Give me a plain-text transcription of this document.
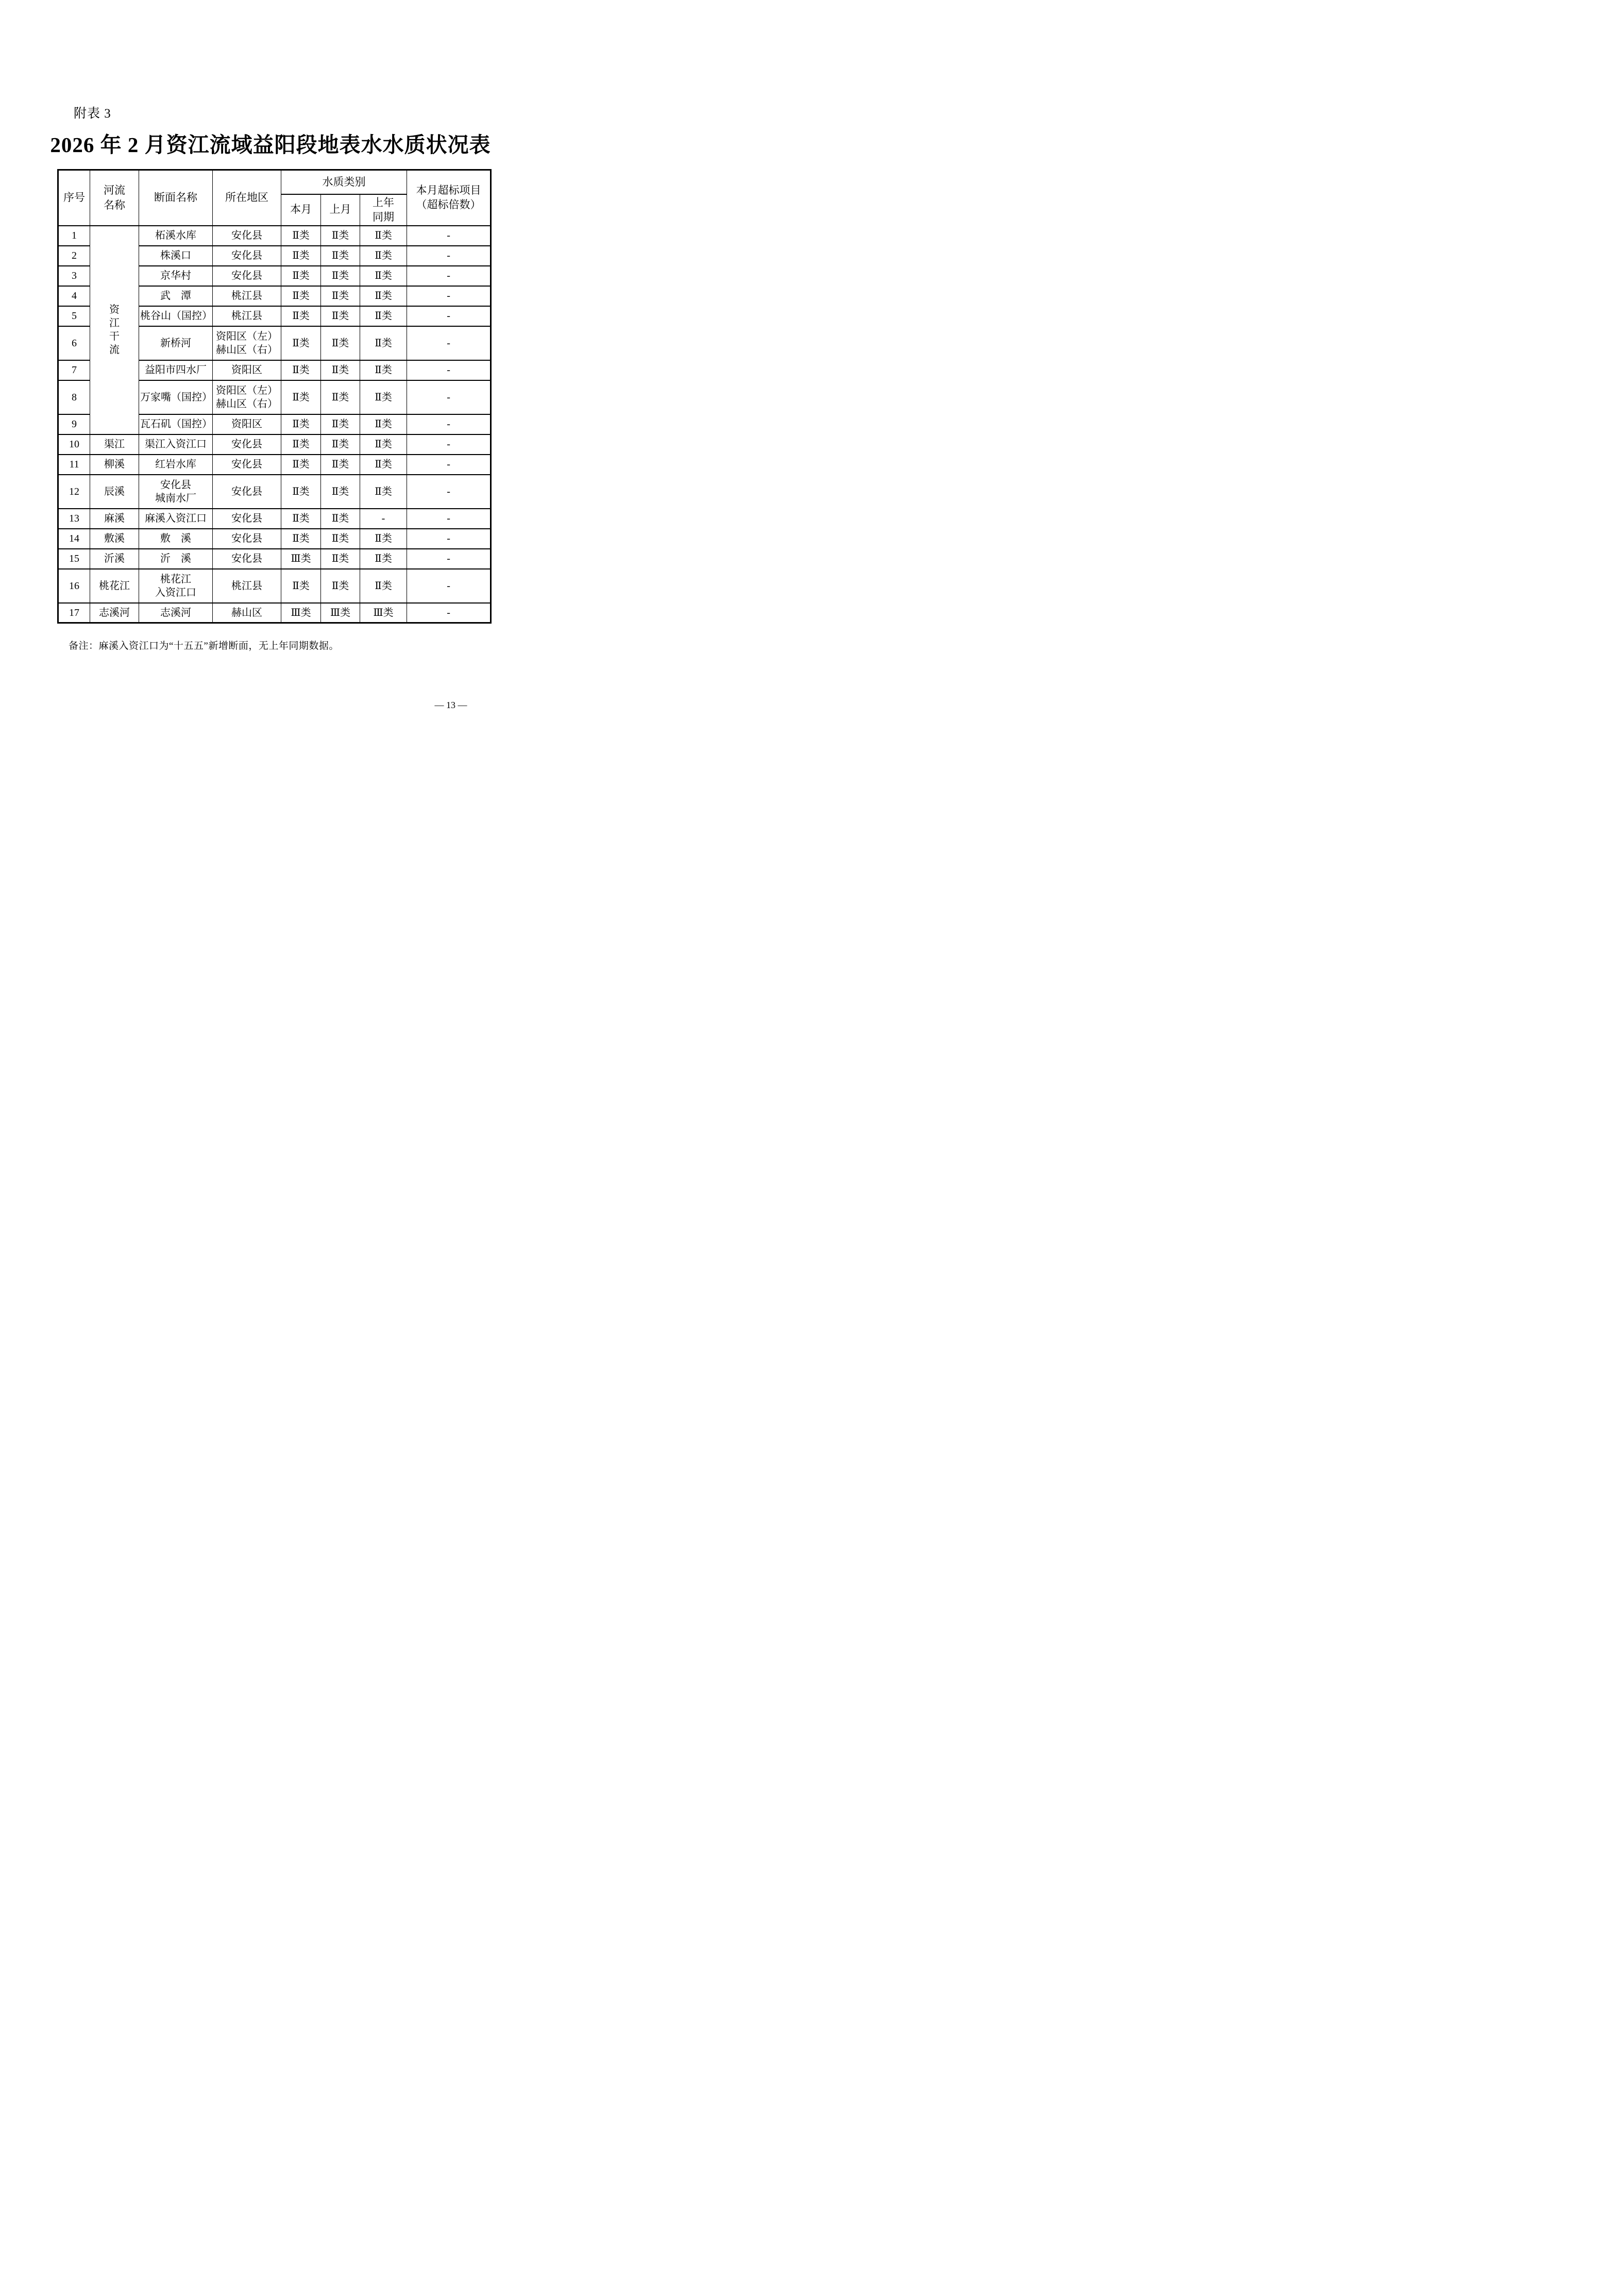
附表 3
2026 年 2 月资江流域益阳段地表水水质状况表
序号	河流名称	断面名称	所在地区	水质类别			本月超标项目
（超标倍数）
				本月	上月	上年同期	
1	资
江
干
流	柘溪水库	安化县	Ⅱ类	Ⅱ类	Ⅱ类	-
2		株溪口	安化县	Ⅱ类	Ⅱ类	Ⅱ类	-
3		京华村	安化县	Ⅱ类	Ⅱ类	Ⅱ类	-
4		武　潭	桃江县	Ⅱ类	Ⅱ类	Ⅱ类	-
5		桃谷山（国控）	桃江县	Ⅱ类	Ⅱ类	Ⅱ类	-
6		新桥河	资阳区（左）
赫山区（右）	Ⅱ类	Ⅱ类	Ⅱ类	-
7		益阳市四水厂	资阳区	Ⅱ类	Ⅱ类	Ⅱ类	-
8		万家嘴（国控）	资阳区（左）
赫山区（右）	Ⅱ类	Ⅱ类	Ⅱ类	-
9		瓦石矶（国控）	资阳区	Ⅱ类	Ⅱ类	Ⅱ类	-
10	渠江	渠江入资江口	安化县	Ⅱ类	Ⅱ类	Ⅱ类	-
11	柳溪	红岩水库	安化县	Ⅱ类	Ⅱ类	Ⅱ类	-
12	辰溪	安化县
城南水厂	安化县	Ⅱ类	Ⅱ类	Ⅱ类	-
13	麻溪	麻溪入资江口	安化县	Ⅱ类	Ⅱ类	-	-
14	敷溪	敷　溪	安化县	Ⅱ类	Ⅱ类	Ⅱ类	-
15	沂溪	沂　溪	安化县	Ⅲ类	Ⅱ类	Ⅱ类	-
16	桃花江	桃花江
入资江口	桃江县	Ⅱ类	Ⅱ类	Ⅱ类	-
17	志溪河	志溪河	赫山区	Ⅲ类	Ⅲ类	Ⅲ类	-
备注：麻溪入资江口为“十五五”新增断面，无上年同期数据。
— 13 —
